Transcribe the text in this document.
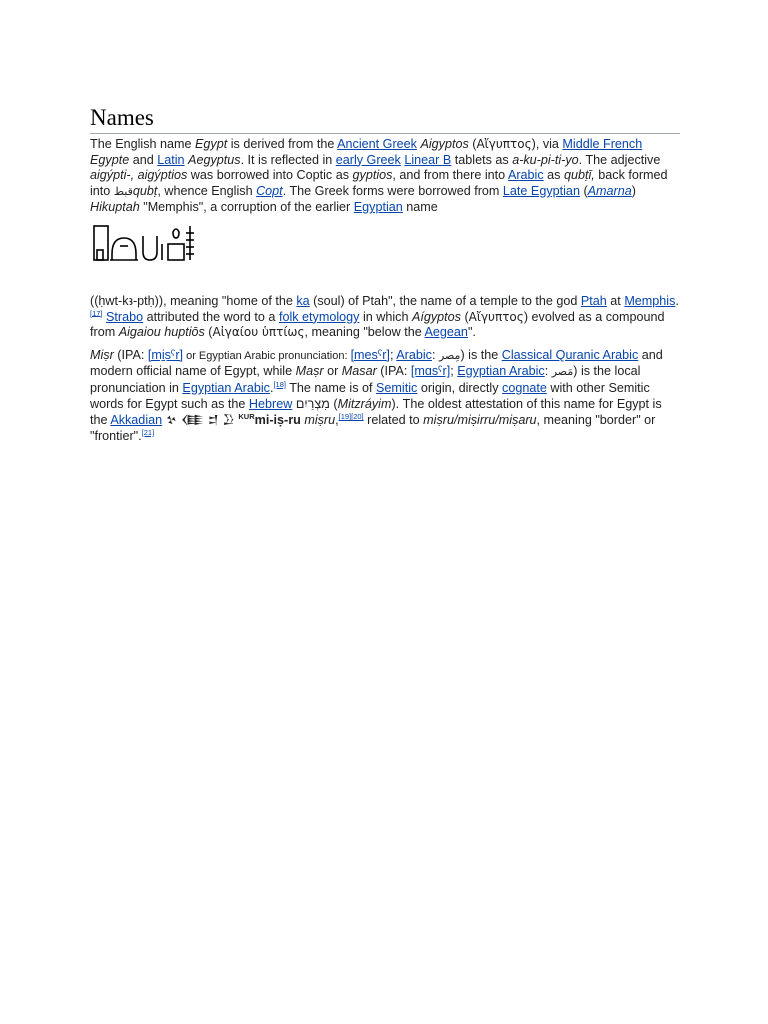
Names

The English name Egypt is derived from the Ancient Greek Aigyptos (Αἴγυπτος), via Middle French Egypte and Latin Aegyptus. It is reflected in early Greek Linear B tablets as a-ku-pi-ti-yo. The adjective aigýpti-, aigýptios was borrowed into Coptic as gyptios, and from there into Arabic as qubṭī, back formed into قبطqubṭ, whence English Copt. The Greek forms were borrowed from Late Egyptian (Amarna) Hikuptah "Memphis", a corruption of the earlier Egyptian name

((ḥwt-kꜣ-ptḥ)), meaning "home of the ka (soul) of Ptah", the name of a temple to the god Ptah at Memphis.[17] Strabo attributed the word to a folk etymology in which Aígyptos (Αἴγυπτος) evolved as a compound from Aigaiou huptiōs (Αἰγαίου ὑπτίως, meaning "below the Aegean".

Miṣr (IPA: [mi̠sˤr] or Egyptian Arabic pronunciation: [mesˤr]; Arabic: مِصر) is the Classical Quranic Arabic and modern official name of Egypt, while Maṣr or Masar (IPA: [mɑsˤr]; Egyptian Arabic: مَصر) is the local pronunciation in Egyptian Arabic.[18] The name is of Semitic origin, directly cognate with other Semitic words for Egypt such as the Hebrew מִצְרַיִם (Mitzráyim). The oldest attestation of this name for Egypt is the Akkadian 𒆳 𒈪 𒄑 𒊒 $^{KUR}$mi-iṣ-ru miṣru,[19][20] related to miṣru/miṣirru/miṣaru, meaning "border" or "frontier".[21]
